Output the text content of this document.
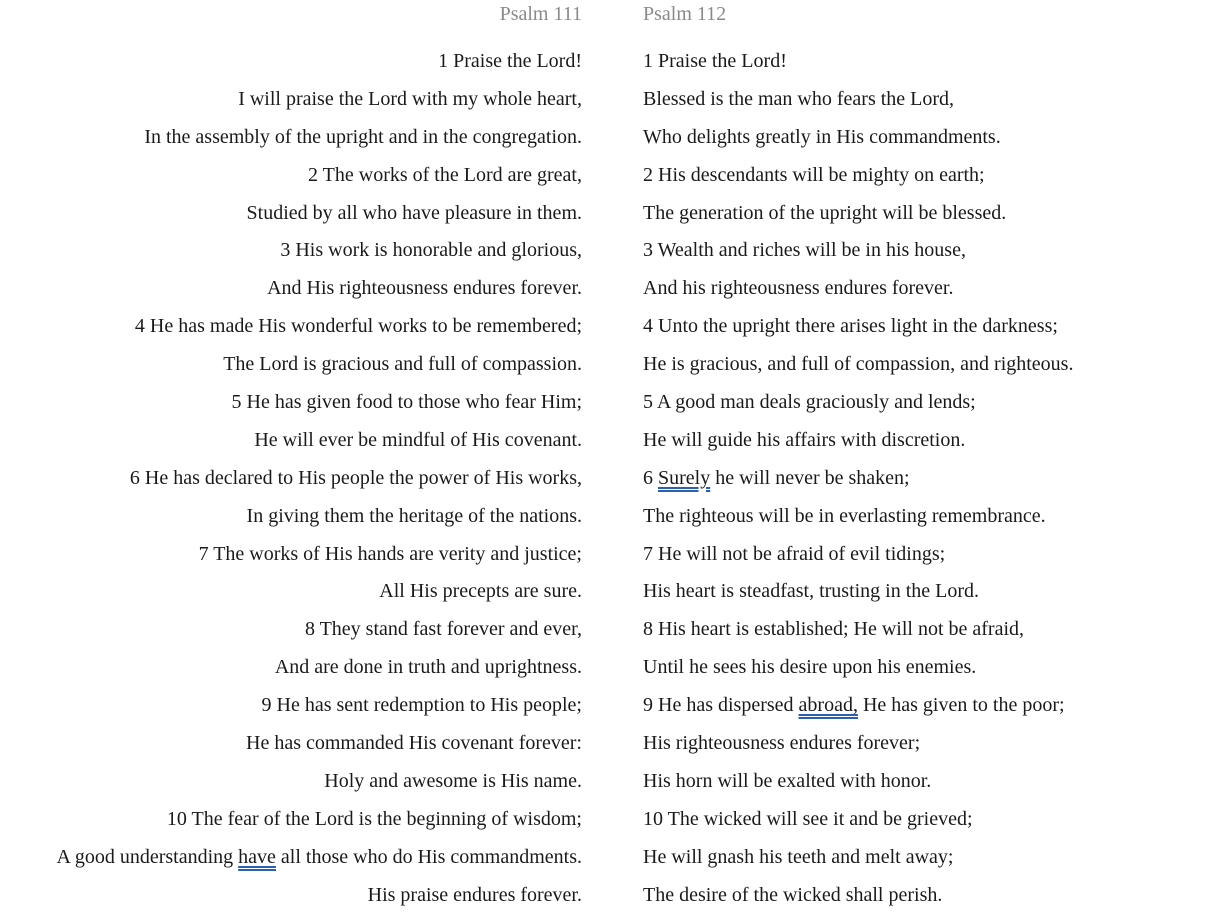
Psalm 111
1 Praise the Lord!
I will praise the Lord with my whole heart,
In the assembly of the upright and in the congregation.
2 The works of the Lord are great,
Studied by all who have pleasure in them.
3 His work is honorable and glorious,
And His righteousness endures forever.
4 He has made His wonderful works to be remembered;
The Lord is gracious and full of compassion.
5 He has given food to those who fear Him;
He will ever be mindful of His covenant.
6 He has declared to His people the power of His works,
In giving them the heritage of the nations.
7 The works of His hands are verity and justice;
All His precepts are sure.
8 They stand fast forever and ever,
And are done in truth and uprightness.
9 He has sent redemption to His people;
He has commanded His covenant forever:
Holy and awesome is His name.
10 The fear of the Lord is the beginning of wisdom;
A good understanding have all those who do His commandments.
His praise endures forever.
Psalm 112
1 Praise the Lord!
Blessed is the man who fears the Lord,
Who delights greatly in His commandments.
2 His descendants will be mighty on earth;
The generation of the upright will be blessed.
3 Wealth and riches will be in his house,
And his righteousness endures forever.
4 Unto the upright there arises light in the darkness;
He is gracious, and full of compassion, and righteous.
5 A good man deals graciously and lends;
He will guide his affairs with discretion.
6 Surely he will never be shaken;
The righteous will be in everlasting remembrance.
7 He will not be afraid of evil tidings;
His heart is steadfast, trusting in the Lord.
8 His heart is established; He will not be afraid,
Until he sees his desire upon his enemies.
9 He has dispersed abroad, He has given to the poor;
His righteousness endures forever;
His horn will be exalted with honor.
10 The wicked will see it and be grieved;
He will gnash his teeth and melt away;
The desire of the wicked shall perish.
